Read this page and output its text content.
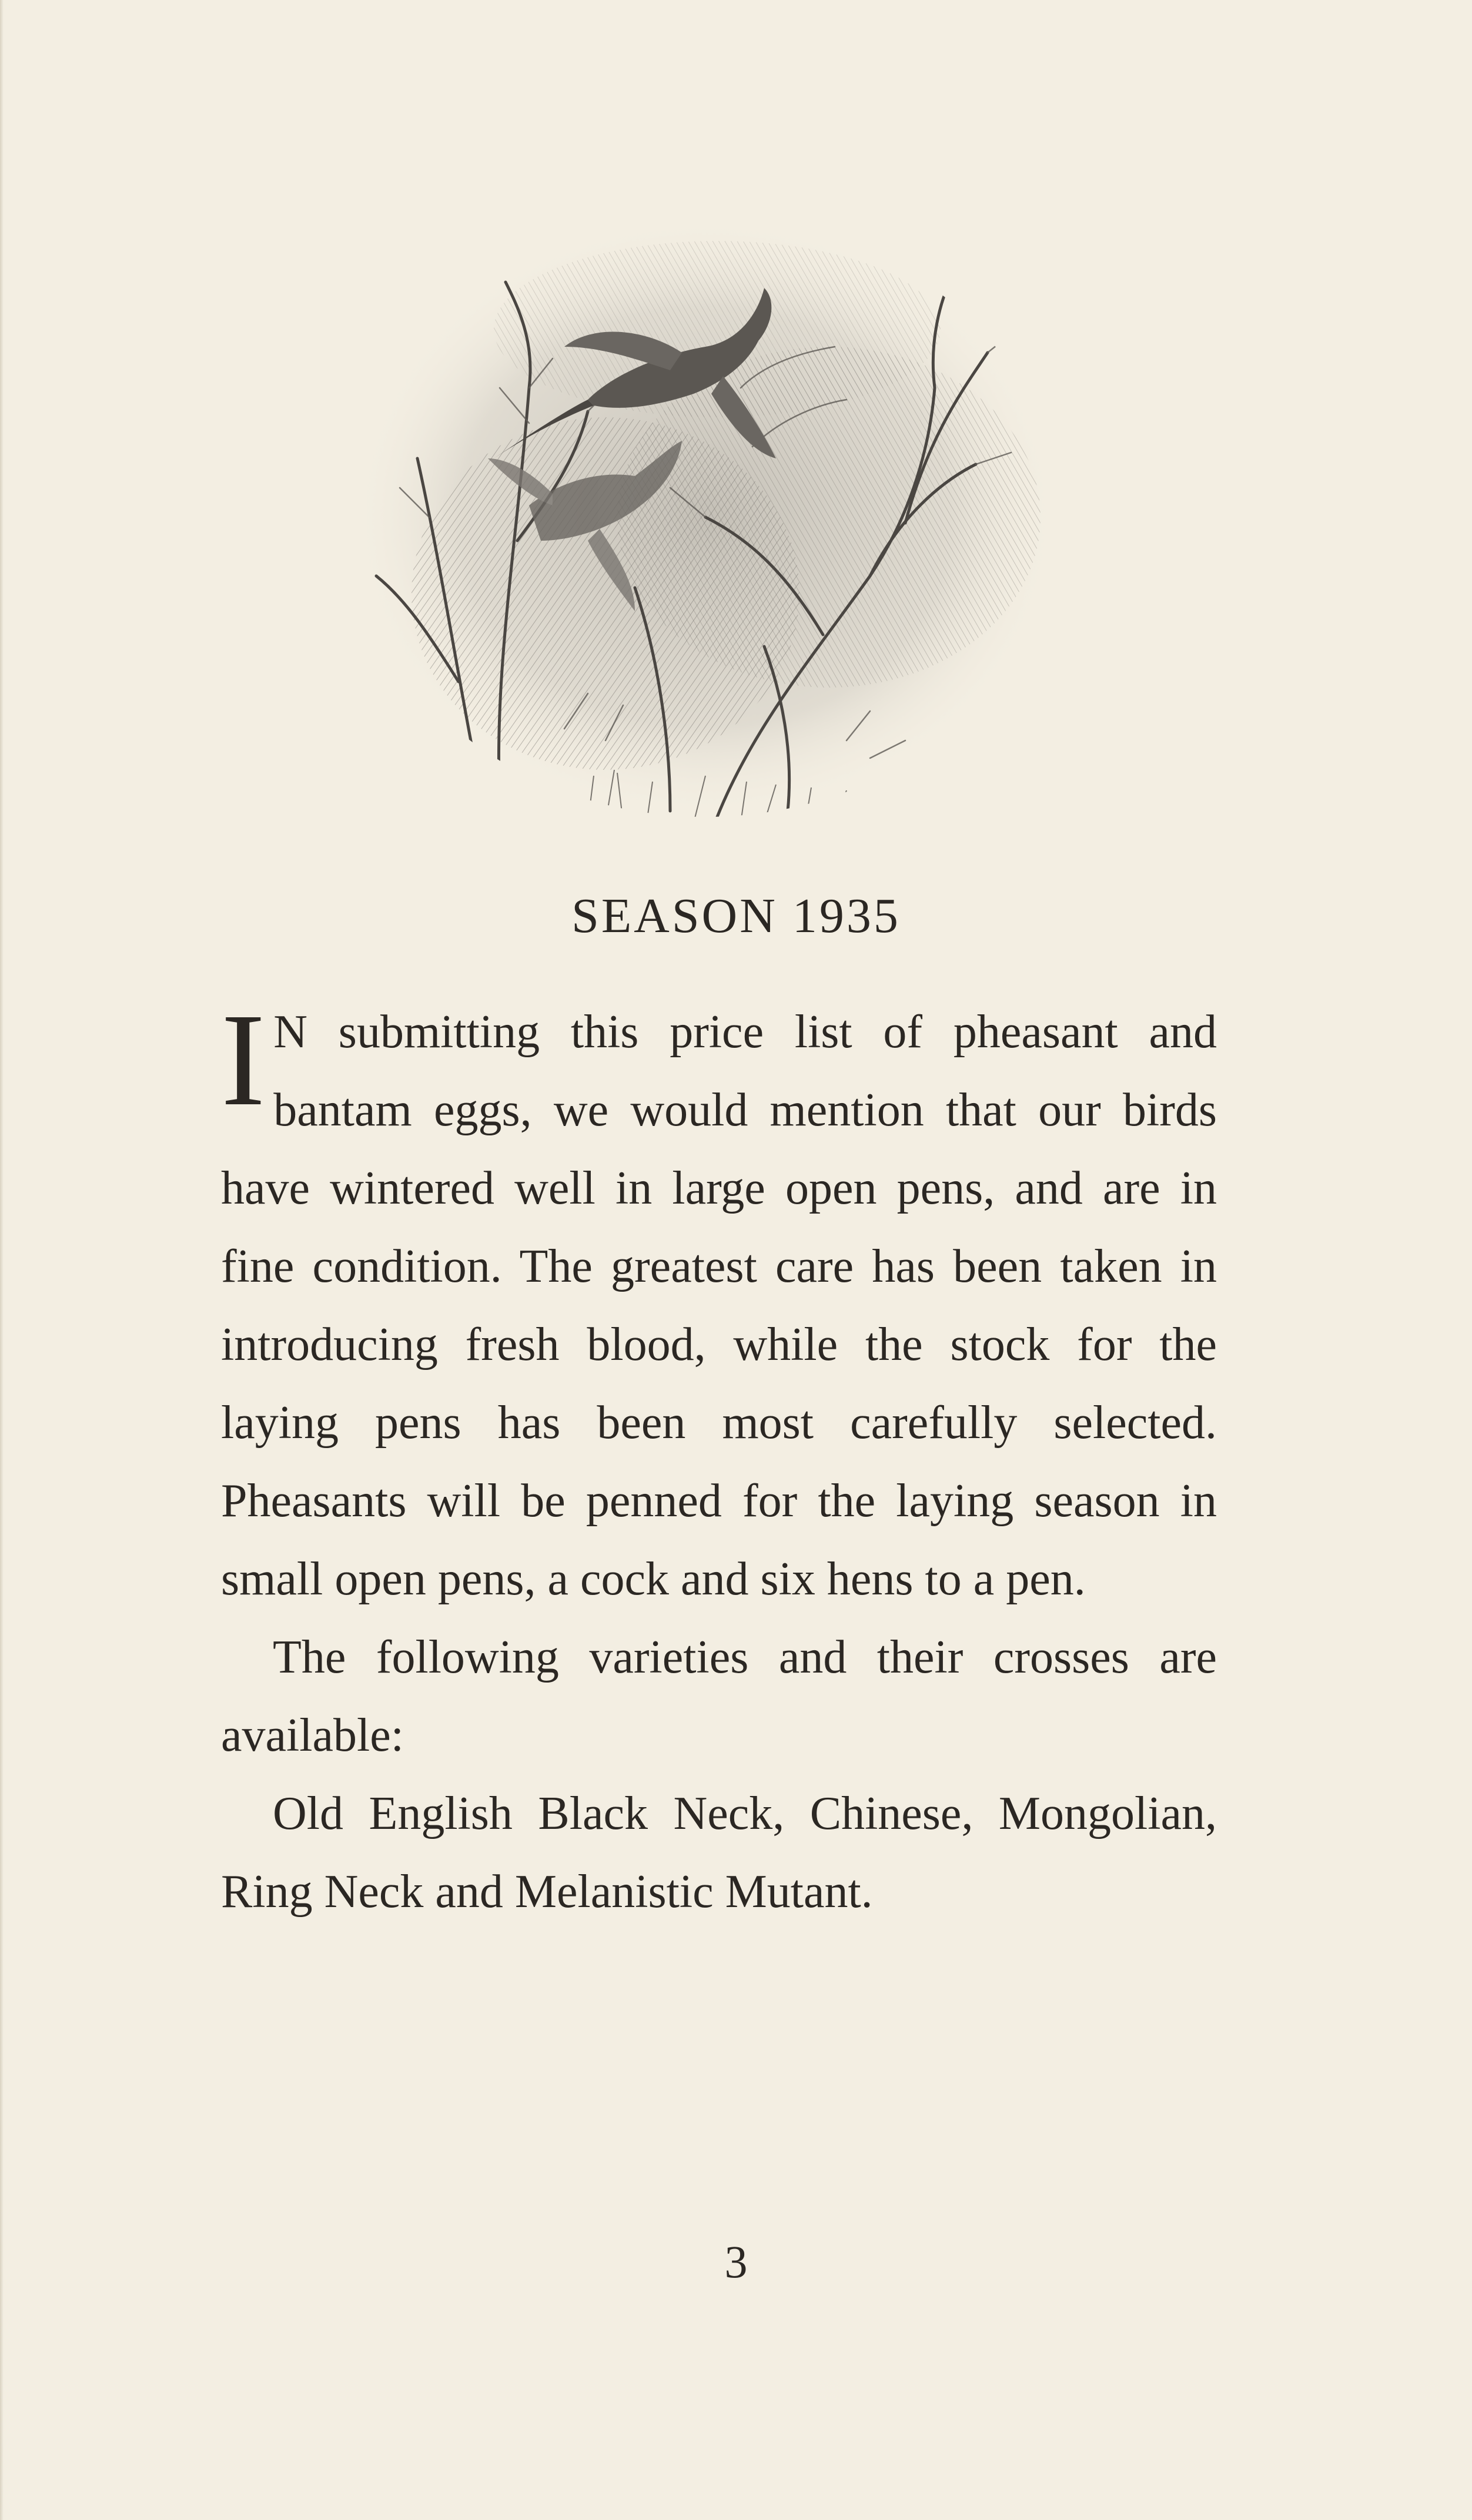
SEASON 1935

I N submitting this price list of pheasant and bantam eggs, we would mention that our birds have wintered well in large open pens, and are in fine condition. The greatest care has been taken in introducing fresh blood, while the stock for the laying pens has been most carefully selected. Pheasants will be penned for the laying season in small open pens, a cock and six hens to a pen.

The following varieties and their crosses are available:

Old English Black Neck, Chinese, Mongolian, Ring Neck and Melanistic Mutant.

3
